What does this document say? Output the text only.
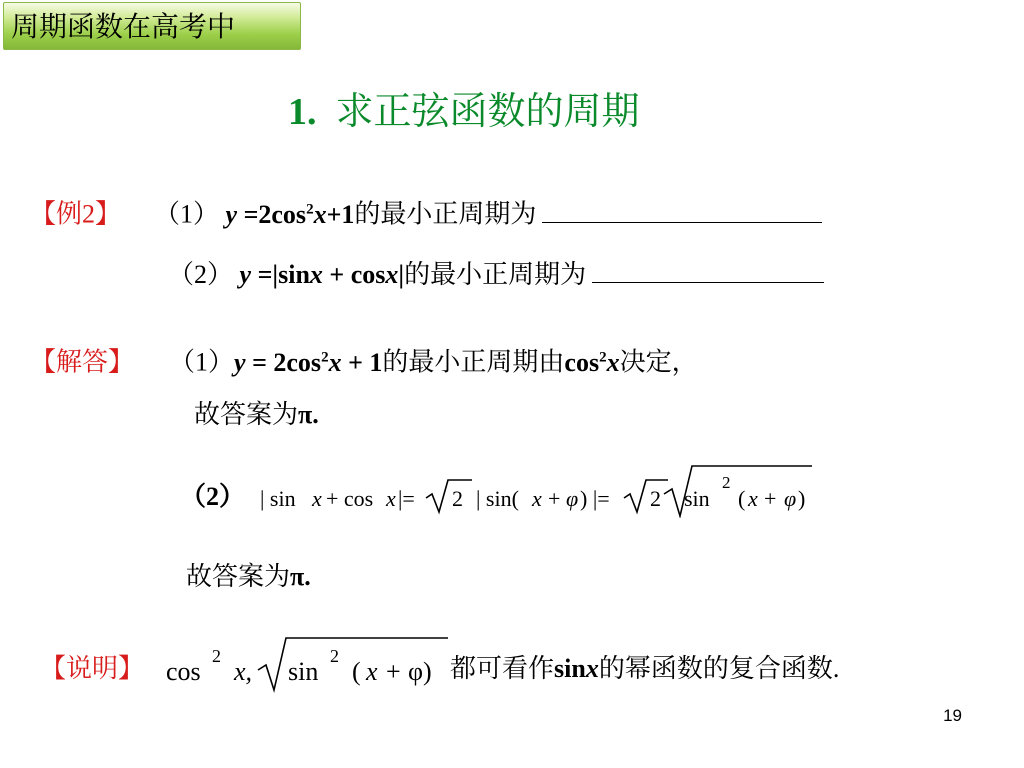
周期函数在高考中
1. 求正弦函数的周期
【例2】 （1） $y =2\cos^2x+1$的最小正周期为
（2） y =|sinx + cosx|的最小正周期为
【解答】 $(1)y = 2\cos^2x + 1$的最小正周期由$\cos^2x$决定，
故答案为π.
（2） | sin x + cos x |= 2 | sin( x + φ ) |= 2 sin
2
( x + φ )
故答案为π.
【说明】 cos
2
x, sin
2
( x + φ) 都可看作sinx的幂函数的复合函数.
19
